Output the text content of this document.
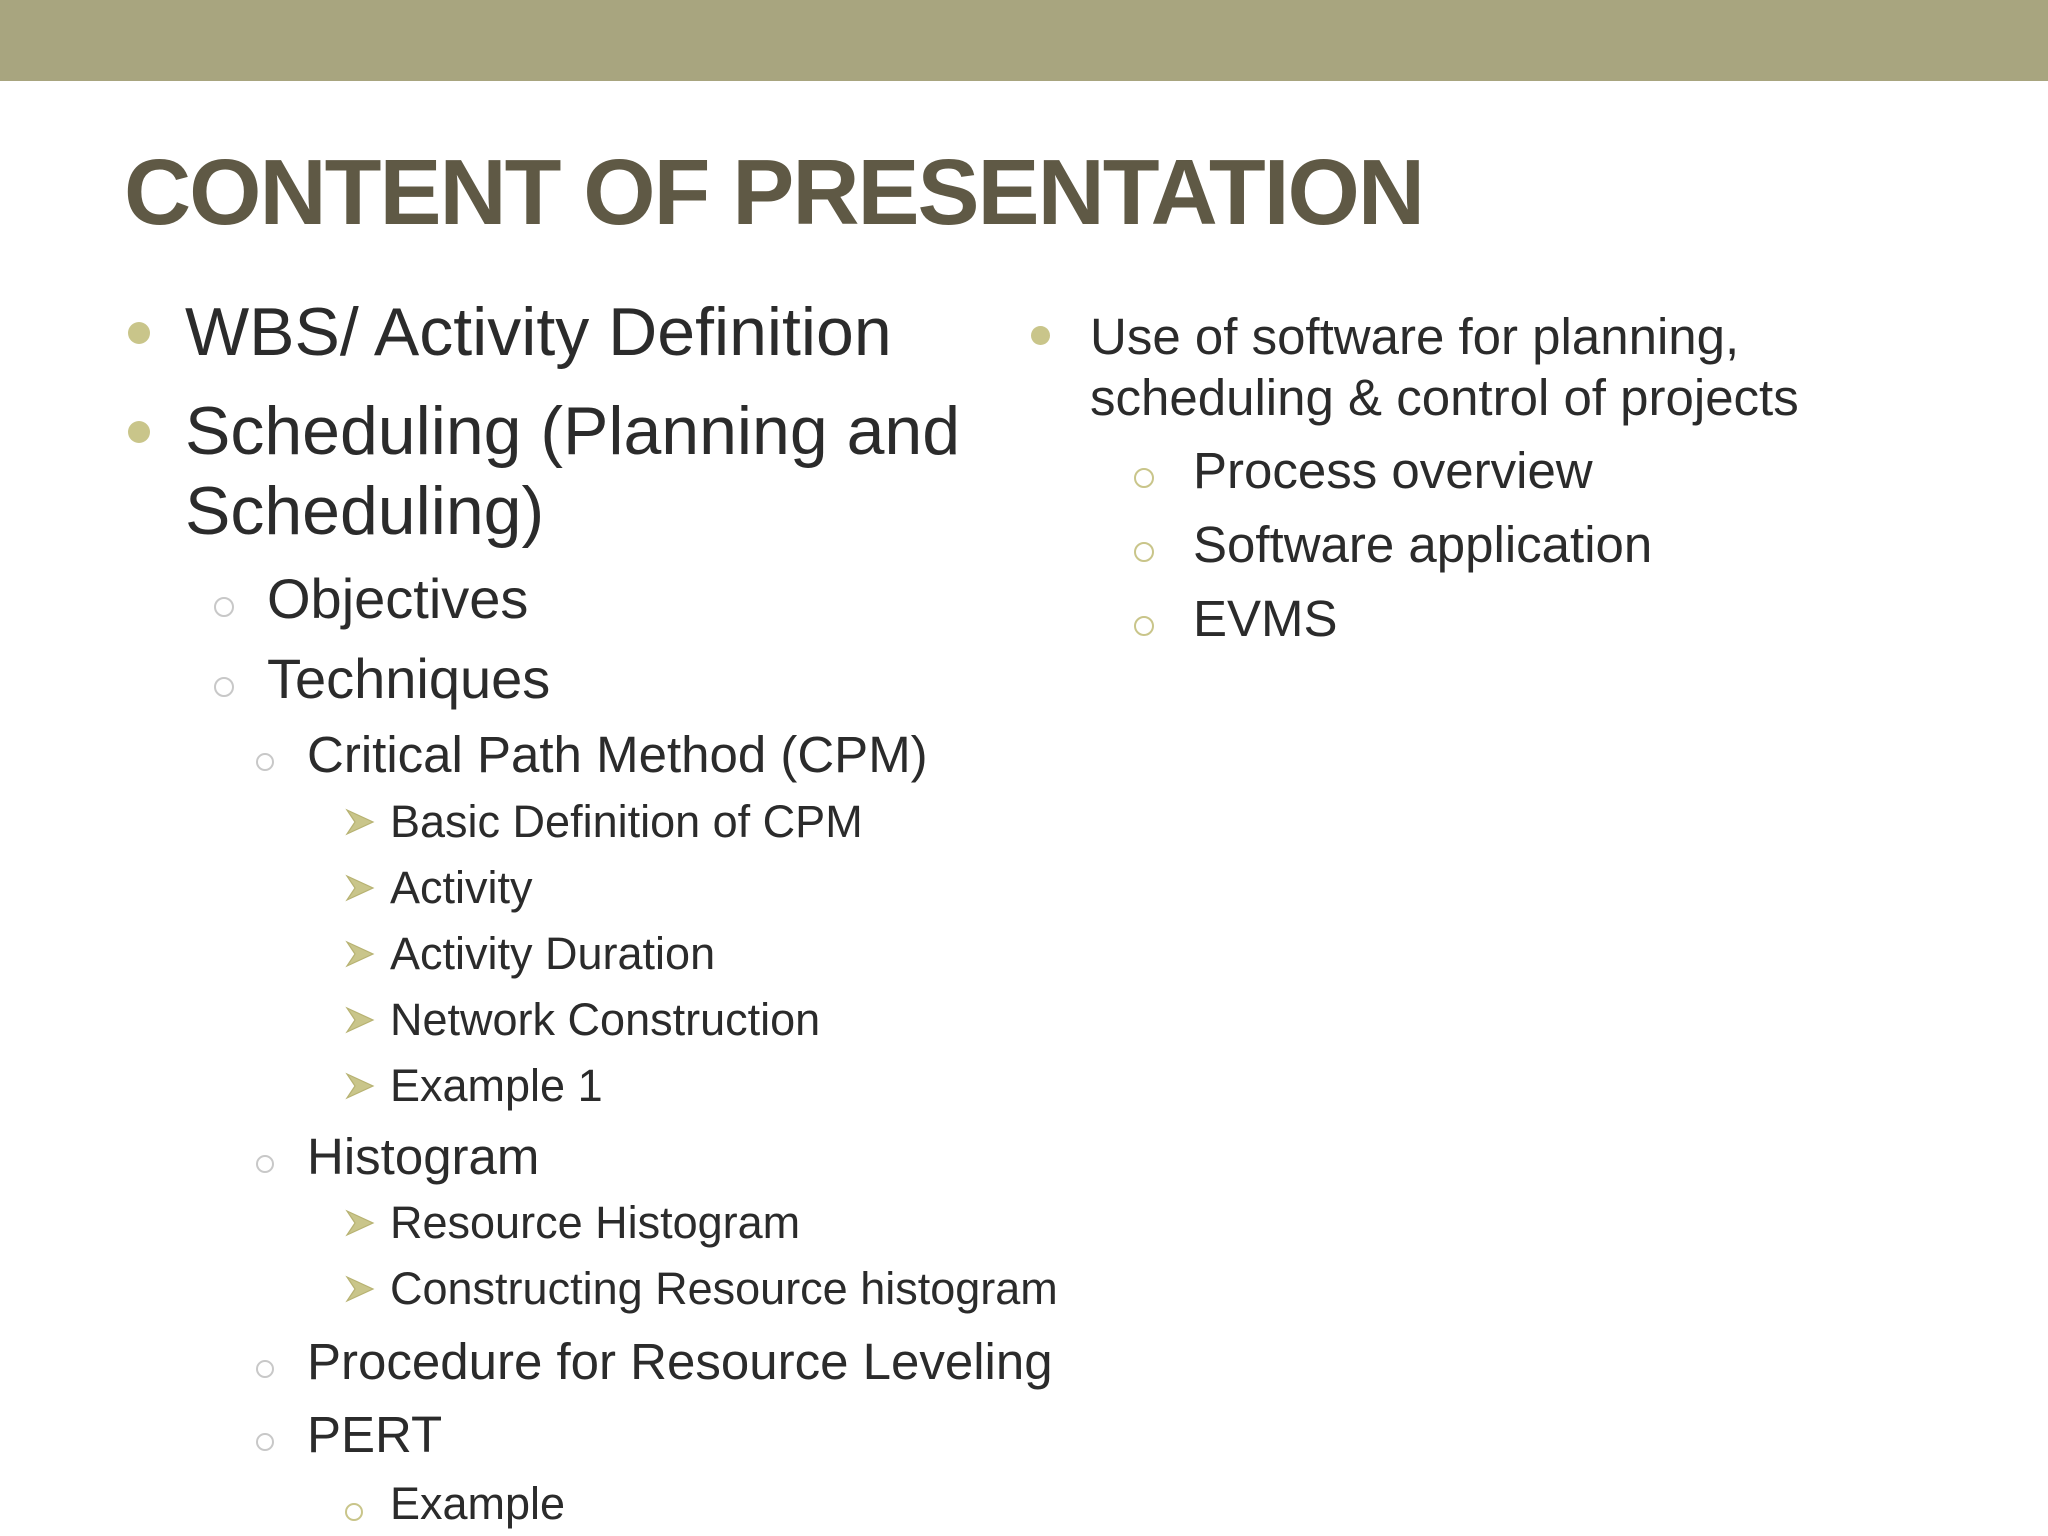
CONTENT OF PRESENTATION
WBS/ Activity Definition
Scheduling (Planning and
Scheduling)
Objectives
Techniques
Critical Path Method (CPM)
Basic Definition of CPM
Activity
Activity Duration
Network Construction
Example 1
Histogram
Resource Histogram
Constructing Resource histogram
Procedure for Resource Leveling
PERT
Example
Use of software for planning,
scheduling & control of projects
Process overview
Software application
EVMS
